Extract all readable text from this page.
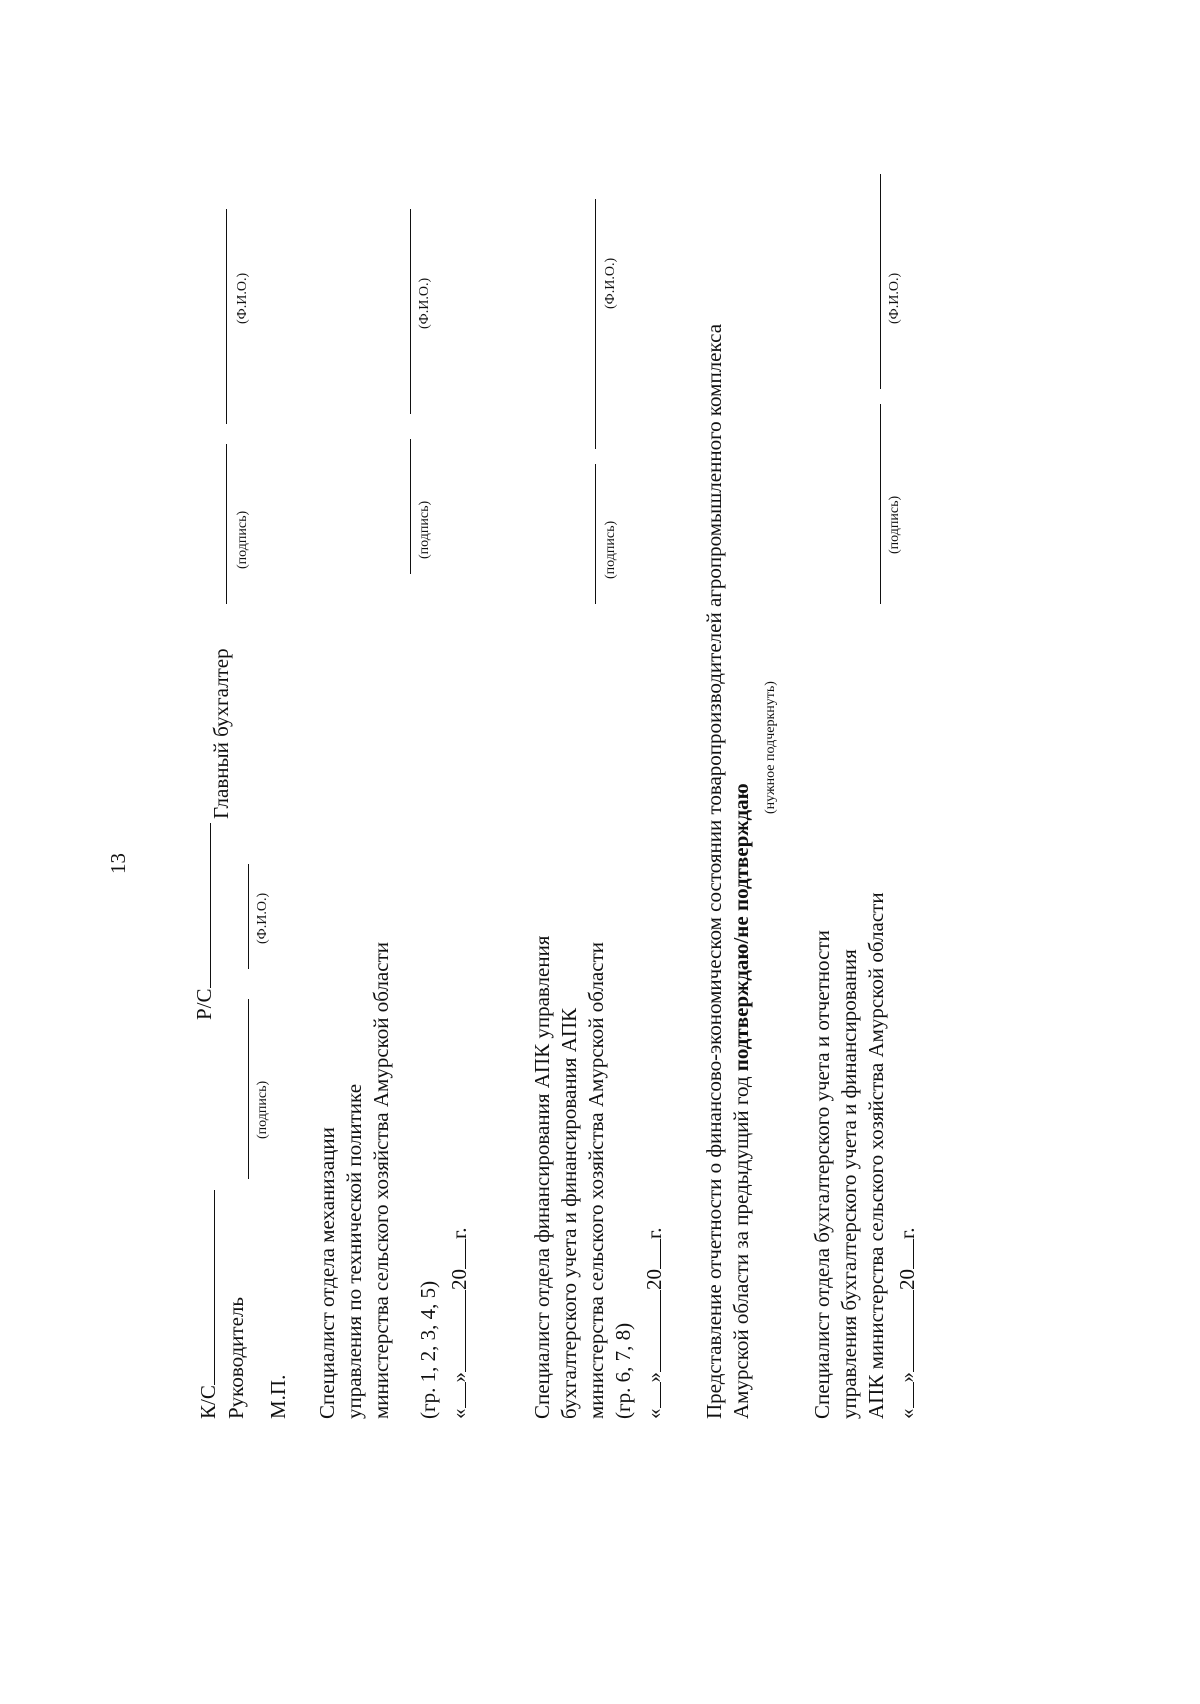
13
К/С Руководитель
(подпись)
Р/С
(Ф.И.О.)
Главный бухгалтер
(подпись)
(Ф.И.О.)
М.П. Специалист отдела механизации управления по технической политике министерства сельского хозяйства Амурской области
(подпись)
(Ф.И.О.)
(гр. 1, 2, 3, 4, 5) «»20г.	Специалист отдела финансирования АПК управления бухгалтерского учета и финансирования АПК министерства сельского хозяйства Амурской области
(подпись)
(Ф.И.О.)
(гр. 6, 7, 8) «»20г. Представление отчетности о финансово-экономическом состоянии товаропроизводителей агропромышленного комплекса Амурской области за предыдущий год подтверждаю/не подтверждаю
(нужное подчеркнуть)
Специалист отдела бухгалтерского учета и отчетности управления бухгалтерского учета и финансирования АПК министерства сельского хозяйства Амурской области
(подпись)
(Ф.И.О.)
«»20г.
